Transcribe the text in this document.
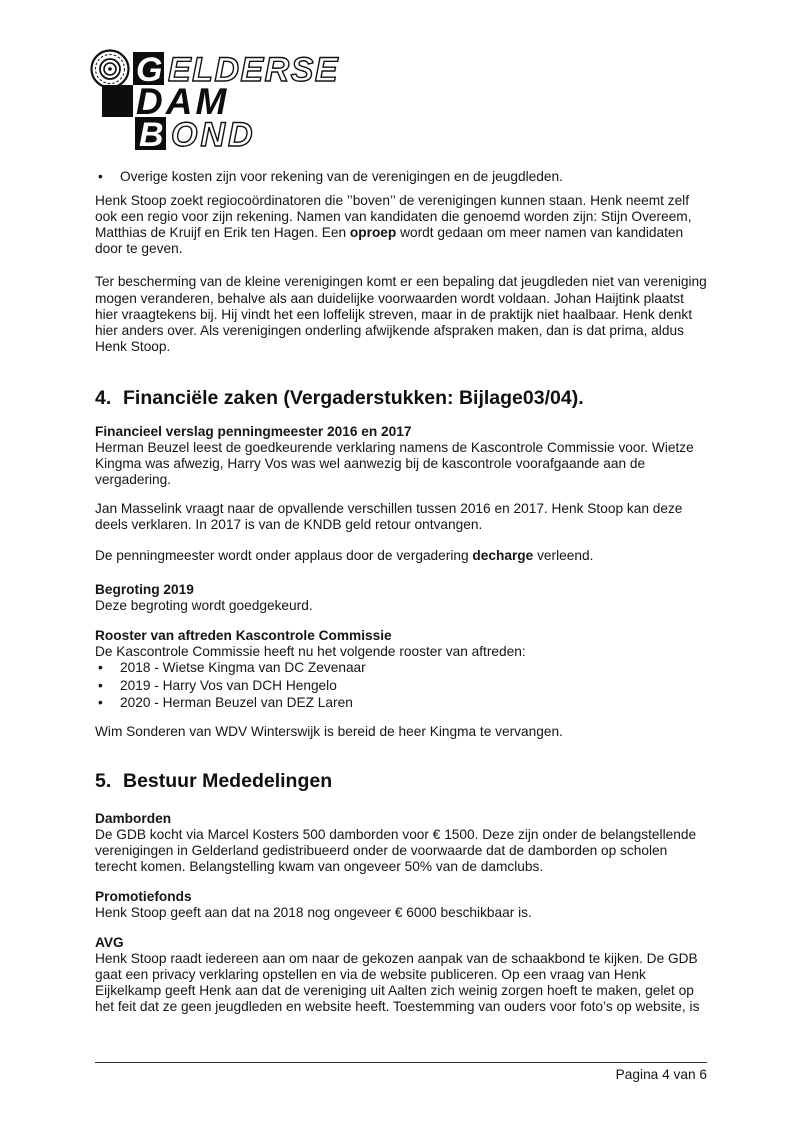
G
B
ELDERSE
DAM
OND
•	Overige kosten zijn voor rekening van de verenigingen en de jeugdleden.

Henk Stoop zoekt regiocoördinatoren die ’’boven’’ de verenigingen kunnen staan. Henk neemt zelf ook een regio voor zijn rekening. Namen van kandidaten die genoemd worden zijn: Stijn Overeem, Matthias de Kruijf en Erik ten Hagen. Een oproep wordt gedaan om meer namen van kandidaten door te geven.

Ter bescherming van de kleine verenigingen komt er een bepaling dat jeugdleden niet van vereniging mogen veranderen, behalve als aan duidelijke voorwaarden wordt voldaan. Johan Haijtink plaatst hier vraagtekens bij. Hij vindt het een loffelijk streven, maar in de praktijk niet haalbaar. Henk denkt hier anders over. Als verenigingen onderling afwijkende afspraken maken, dan is dat prima, aldus Henk Stoop.

4. Financiële zaken (Vergaderstukken: Bijlage03/04).
Financieel verslag penningmeester 2016 en 2017
Herman Beuzel leest de goedkeurende verklaring namens de Kascontrole Commissie voor. Wietze Kingma was afwezig, Harry Vos was wel aanwezig bij de kascontrole voorafgaande aan de vergadering.

Jan Masselink vraagt naar de opvallende verschillen tussen 2016 en 2017. Henk Stoop kan deze deels verklaren. In 2017 is van de KNDB geld retour ontvangen.

De penningmeester wordt onder applaus door de vergadering decharge verleend.

Begroting 2019
Deze begroting wordt goedgekeurd.
Rooster van aftreden Kascontrole Commissie
De Kascontrole Commissie heeft nu het volgende rooster van aftreden:
•	2018 - Wietse Kingma van DC Zevenaar
•	2019 - Harry Vos van DCH Hengelo
•	2020 - Herman Beuzel van DEZ Laren

Wim Sonderen van WDV Winterswijk is bereid de heer Kingma te vervangen.

5. Bestuur Mededelingen
Damborden
De GDB kocht via Marcel Kosters 500 damborden voor € 1500. Deze zijn onder de belangstellende verenigingen in Gelderland gedistribueerd onder de voorwaarde dat de damborden op scholen terecht komen. Belangstelling kwam van ongeveer 50% van de damclubs.
Promotiefonds
Henk Stoop geeft aan dat na 2018 nog ongeveer € 6000 beschikbaar is.
AVG
Henk Stoop raadt iedereen aan om naar de gekozen aanpak van de schaakbond te kijken. De GDB gaat een privacy verklaring opstellen en via de website publiceren. Op een vraag van Henk Eijkelkamp geeft Henk aan dat de vereniging uit Aalten zich weinig zorgen hoeft te maken, gelet op het feit dat ze geen jeugdleden en website heeft. Toestemming van ouders voor foto’s op website, is
Pagina 4 van 6
